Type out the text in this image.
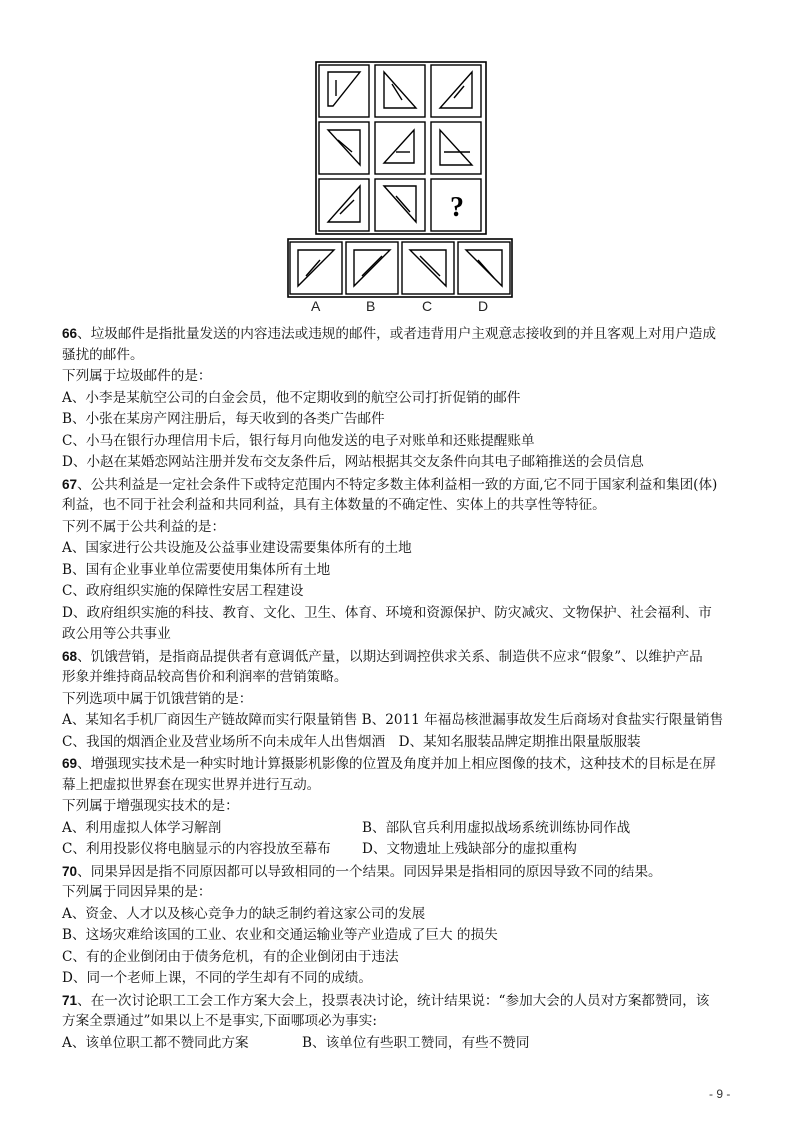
?
A	B	C	D
66、垃圾邮件是指批量发送的内容违法或违规的邮件，或者违背用户主观意志接收到的并且客观上对用户造成
骚扰的邮件。
下列属于垃圾邮件的是：
A、小李是某航空公司的白金会员，他不定期收到的航空公司打折促销的邮件
B、小张在某房产网注册后，每天收到的各类广告邮件
C、小马在银行办理信用卡后，银行每月向他发送的电子对账单和还账提醒账单
D、小赵在某婚恋网站注册并发布交友条件后，网站根据其交友条件向其电子邮箱推送的会员信息
67、公共利益是一定社会条件下或特定范围内不特定多数主体利益相一致的方面,它不同于国家利益和集团(体)
利益，也不同于社会利益和共同利益，具有主体数量的不确定性、实体上的共享性等特征。
下列不属于公共利益的是：
A、国家进行公共设施及公益事业建设需要集体所有的土地
B、国有企业事业单位需要使用集体所有土地
C、政府组织实施的保障性安居工程建设
D、政府组织实施的科技、教育、文化、卫生、体育、环境和资源保护、防灾减灾、文物保护、社会福利、市
政公用等公共事业
68、饥饿营销，是指商品提供者有意调低产量，以期达到调控供求关系、制造供不应求“假象”、以维护产品
形象并维持商品较高售价和利润率的营销策略。
下列选项中属于饥饿营销的是：
A、某知名手机厂商因生产链故障而实行限量销售 B、2011 年福岛核泄漏事故发生后商场对食盐实行限量销售
C、我国的烟酒企业及营业场所不向未成年人出售烟酒　D、某知名服装品牌定期推出限量版服装
69、增强现实技术是一种实时地计算摄影机影像的位置及角度并加上相应图像的技术，这种技术的目标是在屏
幕上把虚拟世界套在现实世界并进行互动。
下列属于增强现实技术的是：
A、利用虚拟人体学习解剖	B、部队官兵利用虚拟战场系统训练协同作战
C、利用投影仪将电脑显示的内容投放至幕布 D、文物遗址上残缺部分的虚拟重构
70、同果异因是指不同原因都可以导致相同的一个结果。同因异果是指相同的原因导致不同的结果。
下列属于同因异果的是：
A、资金、人才以及核心竞争力的缺乏制约着这家公司的发展
B、这场灾难给该国的工业、农业和交通运输业等产业造成了巨大 的损失
C、有的企业倒闭由于债务危机，有的企业倒闭由于违法
D、同一个老师上课，不同的学生却有不同的成绩。
71、在一次讨论职工工会工作方案大会上，投票表决讨论，统计结果说：“参加大会的人员对方案都赞同，该
方案全票通过”如果以上不是事实,下面哪项必为事实:
A、该单位职工都不赞同此方案	B、该单位有些职工赞同，有些不赞同
- 9 -
